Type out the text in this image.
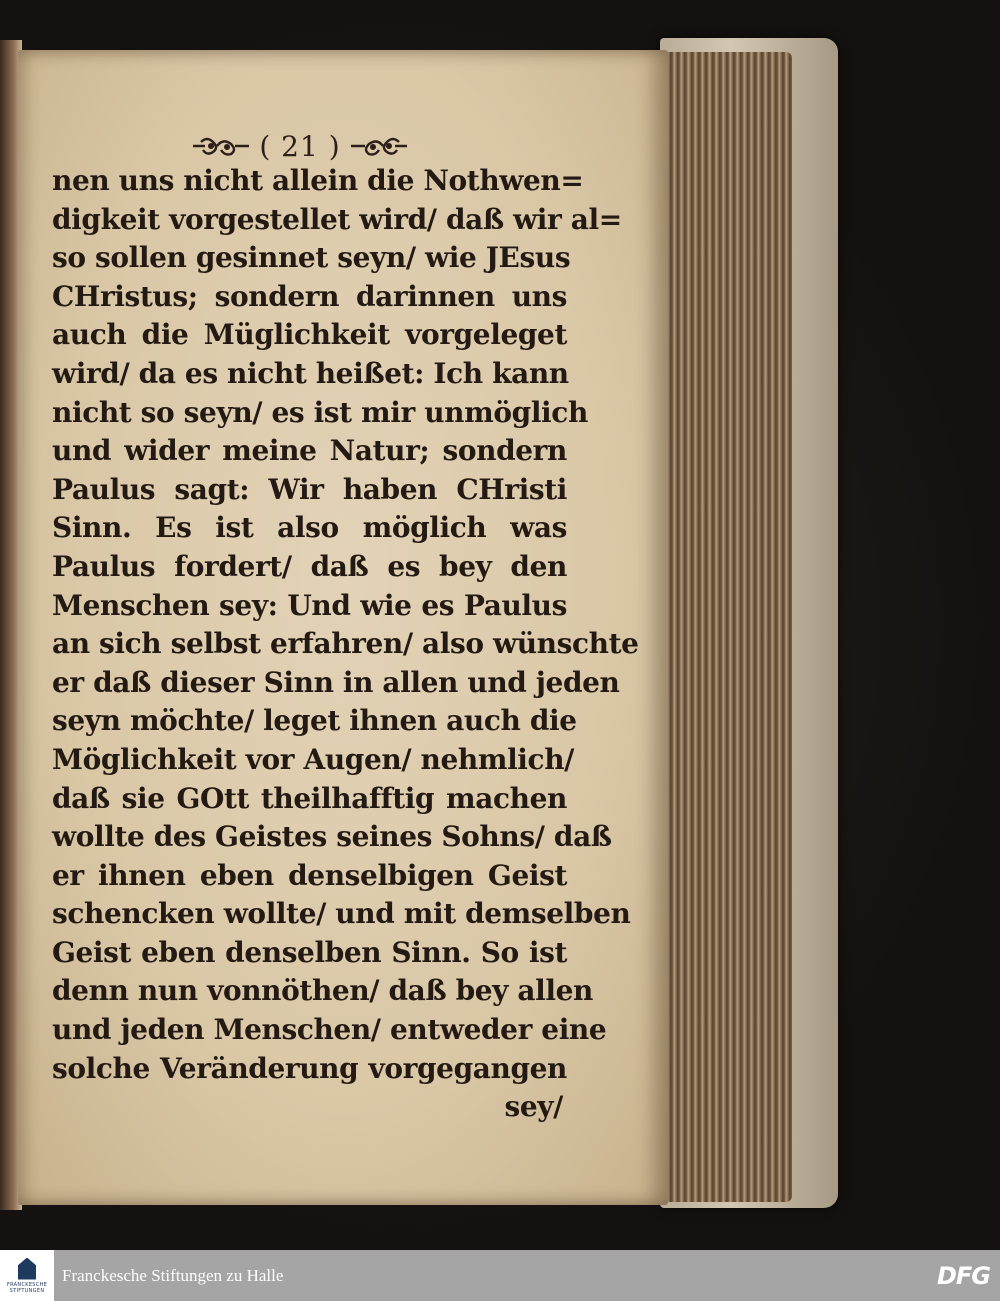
( 21 )
nen uns nicht allein die Nothwen=
digkeit vorgestellet wird/ daß wir al=
so sollen gesinnet seyn/ wie JEsus
CHristus; sondern darinnen uns
auch die Müglichkeit vorgeleget
wird/ da es nicht heißet: Ich kann
nicht so seyn/ es ist mir unmöglich
und wider meine Natur; sondern
Paulus sagt: Wir haben CHristi
Sinn. Es ist also möglich was
Paulus fordert/ daß es bey den
Menschen sey: Und wie es Paulus
an sich selbst erfahren/ also wünschte
er daß dieser Sinn in allen und jeden
seyn möchte/ leget ihnen auch die
Möglichkeit vor Augen/ nehmlich/
daß sie GOtt theilhafftig machen
wollte des Geistes seines Sohns/ daß
er ihnen eben denselbigen Geist
schencken wollte/ und mit demselben
Geist eben denselben Sinn. So ist
denn nun vonnöthen/ daß bey allen
und jeden Menschen/ entweder eine
solche Veränderung vorgegangen
sey/
FRANCKESCHE
STIFTUNGEN
Franckesche Stiftungen zu Halle	DFG
